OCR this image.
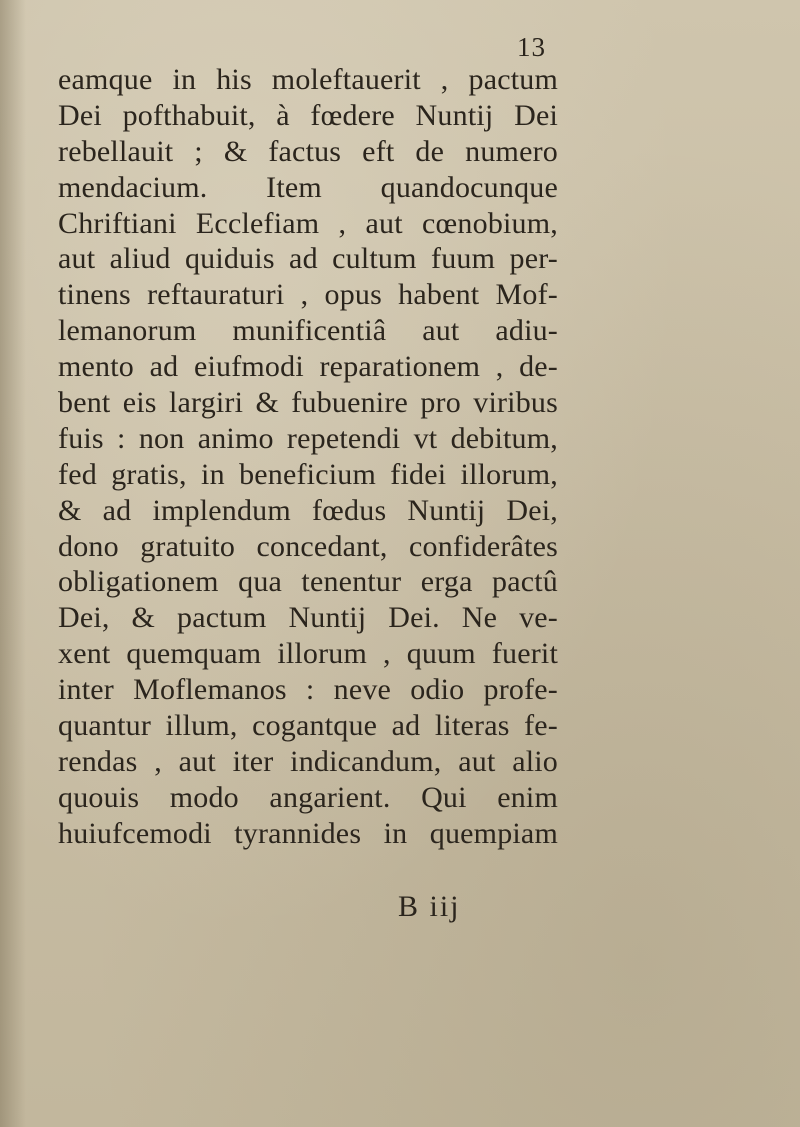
13

eamque in his moleftauerit , pactum
Dei pofthabuit, à fœdere Nuntij Dei
rebellauit ; & factus eft de numero
mendacium. Item quandocunque
Chriftiani Ecclefiam , aut cœnobium,
aut aliud quiduis ad cultum fuum per-
tinens reftauraturi , opus habent Mof-
lemanorum munificentiâ aut adiu-
mento ad eiufmodi reparationem , de-
bent eis largiri & fubuenire pro viribus
fuis : non animo repetendi vt debitum,
fed gratis, in beneficium fidei illorum,
& ad implendum fœdus Nuntij Dei,
dono gratuito concedant, confiderâtes
obligationem qua tenentur erga pactû
Dei, & pactum Nuntij Dei. Ne ve-
xent quemquam illorum , quum fuerit
inter Moflemanos : neve odio profe-
quantur illum, cogantque ad literas fe-
rendas , aut iter indicandum, aut alio
quouis modo angarient. Qui enim
huiufcemodi tyrannides in quempiam

B iij
